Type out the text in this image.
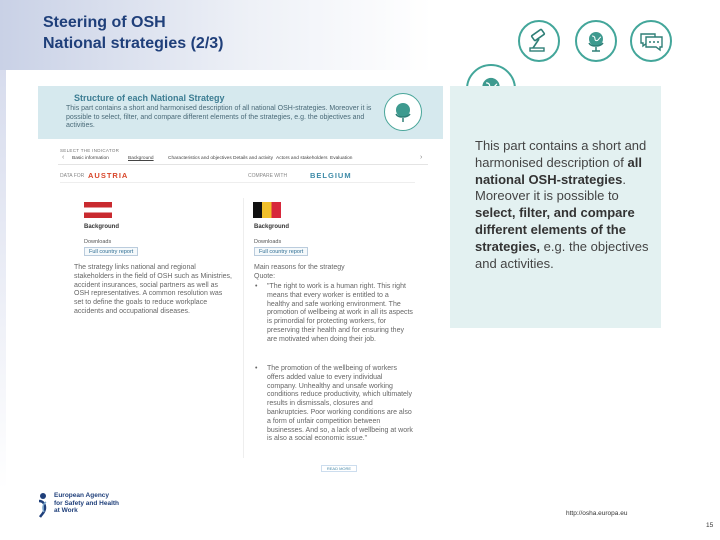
Steering of OSH
National strategies (2/3)
Structure of each National Strategy
This part contains a short and harmonised description of all national OSH-strategies. Moreover it is possible to select, filter, and compare different elements of the strategies, e.g. the objectives and activities.
SELECT THE INDICATOR
‹ Basic information	Background	Characteristics and objectives Details and activity Actors and stakeholders Evaluation	›
DATA FOR AUSTRIA	COMPARE WITH	BELGIUM
Background
Downloads
Full country report
The strategy links national and regional stakeholders in the field of OSH such as Ministries, accident insurances, social partners as well as OSH representatives. A common resolution was set to define the goals to reduce workplace accidents and occupational diseases.
Background
Downloads
Full country report
Main reasons for the strategy
Quote:
• "The right to work is a human right. This right means that every worker is entitled to a healthy and safe working environment. The promotion of wellbeing at work in all its aspects is primordial for protecting workers, for preserving their health and for ensuring they are motivated when doing their job.
• The promotion of the wellbeing of workers offers added value to every individual company. Unhealthy and unsafe working conditions reduce productivity, which ultimately results in dismissals, closures and bankruptcies. Poor working conditions are also a form of unfair competition between businesses. And so, a lack of wellbeing at work is also a social economic issue."
READ MORE
This part contains a short and harmonised description of all national OSH-strategies. Moreover it is possible to select, filter, and compare different elements of the strategies, e.g. the objectives and activities.
European Agency
for Safety and Health
at Work	http://osha.europa.eu
15
